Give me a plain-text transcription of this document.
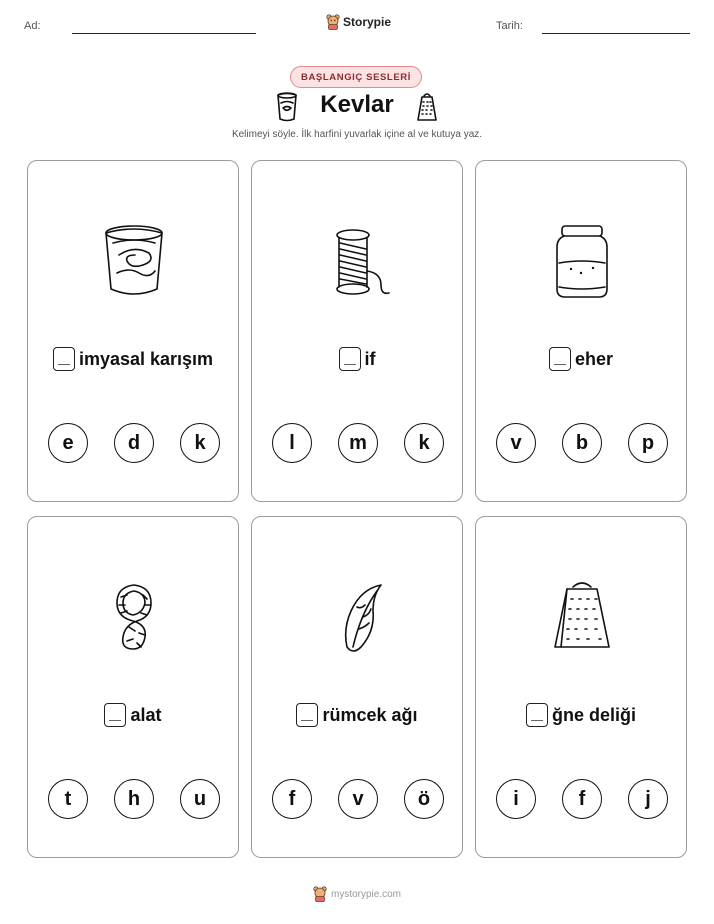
Ad:	Storypie	Tarih:
BAŞLANGIÇ SESLERİ
Kevlar
Kelimeyi söyle. İlk harfini yuvarlak içine al ve kutuya yaz.
imyasal karışım
e	d	k
if
l	m	k
eher
v	b	p
alat
t	h	u
rümcek ağı
f	v	ö
ğne deliği
i	f	j
mystorypie.com
